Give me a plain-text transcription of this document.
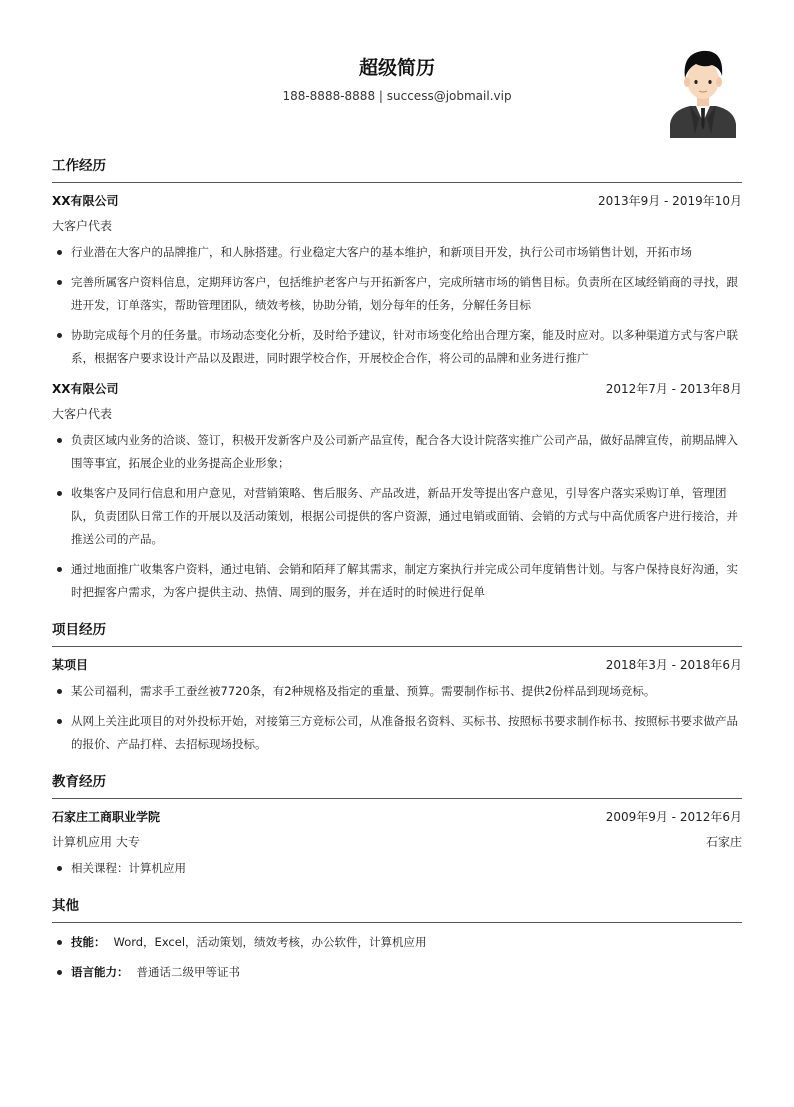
超级简历
188-8888-8888 | success@jobmail.vip
工作经历
XX有限公司	2013年9月 - 2019年10月
大客户代表
行业潜在大客户的品牌推广，和人脉搭建。行业稳定大客户的基本维护，和新项目开发，执行公司市场销售计划，开拓市场
完善所属客户资料信息，定期拜访客户，包括维护老客户与开拓新客户，完成所辖市场的销售目标。负责所在区域经销商的寻找，跟进开发，订单落实，帮助管理团队，绩效考核，协助分销，划分每年的任务，分解任务目标
协助完成每个月的任务量。市场动态变化分析，及时给予建议，针对市场变化给出合理方案，能及时应对。以多种渠道方式与客户联系，根据客户要求设计产品以及跟进，同时跟学校合作，开展校企合作，将公司的品牌和业务进行推广
XX有限公司	2012年7月 - 2013年8月
大客户代表
负责区域内业务的洽谈、签订，积极开发新客户及公司新产品宣传，配合各大设计院落实推广公司产品，做好品牌宣传，前期品牌入围等事宜，拓展企业的业务提高企业形象；
收集客户及同行信息和用户意见，对营销策略、售后服务、产品改进，新品开发等提出客户意见，引导客户落实采购订单，管理团队，负责团队日常工作的开展以及活动策划，根据公司提供的客户资源，通过电销或面销、会销的方式与中高优质客户进行接洽，并推送公司的产品。
通过地面推广收集客户资料，通过电销、会销和陌拜了解其需求，制定方案执行并完成公司年度销售计划。与客户保持良好沟通，实时把握客户需求，为客户提供主动、热情、周到的服务，并在适时的时候进行促单
项目经历
某项目	2018年3月 - 2018年6月
某公司福利，需求手工蚕丝被7720条，有2种规格及指定的重量、预算。需要制作标书、提供2份样品到现场竞标。
从网上关注此项目的对外投标开始，对接第三方竞标公司，从准备报名资料、买标书、按照标书要求制作标书、按照标书要求做产品的报价、产品打样、去招标现场投标。
教育经历
石家庄工商职业学院	2009年9月 - 2012年6月
计算机应用 大专	石家庄
相关课程：计算机应用
其他
技能： Word，Excel，活动策划，绩效考核，办公软件，计算机应用
语言能力： 普通话二级甲等证书
